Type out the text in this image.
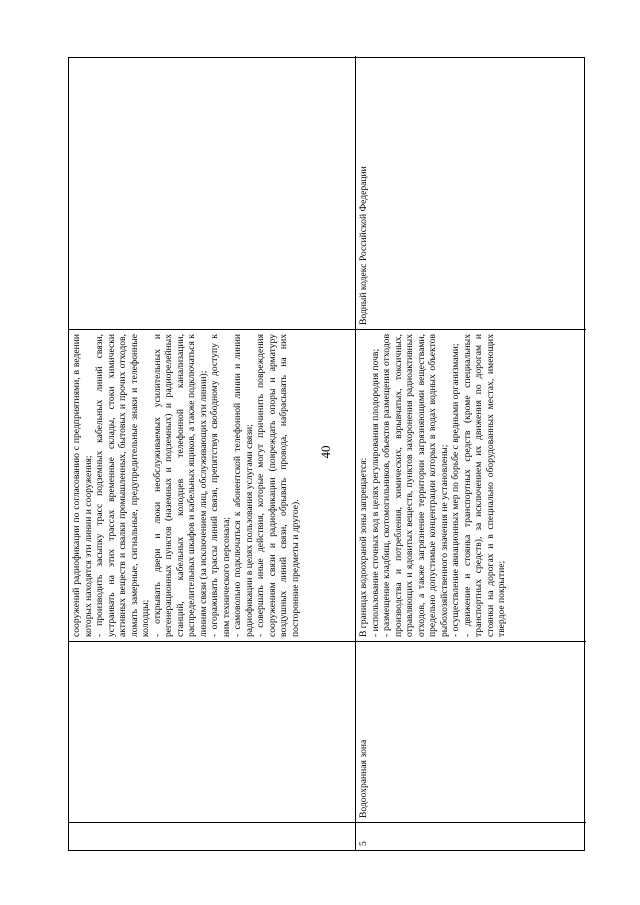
40
сооружений радиофикации по согласованию с предприятиями, в ведении которых находятся эти линии и сооружения; - производить засыпку трасс подземных кабельных линий связи, устраивать на этих трассах временные склады, стоки химически активных веществ и свалки промышленных, бытовых и прочих отходов, ломать замерные, сигнальные, предупредительные знаки и телефонные колодцы; - открывать двери и люки необслуживаемых усилительных и регенерационных пунктов (наземных и подземных) и радиорелейных станций, кабельных колодцев телефонной канализации, распределительных шкафов и кабельных ящиков, а также подключаться к линиям связи (за исключением лиц, обслуживающих эти линии); - огораживать трассы линий связи, препятствуя свободному доступу к ним технического персонала; - самовольно подключаться к абонентской телефонной линии и линии радиофикации в целях пользования услугами связи; - совершать иные действия, которые могут причинить повреждения сооружениям связи и радиофикации (повреждать опоры и арматуру воздушных линий связи, обрывать провода, набрасывать на них посторонние предметы и другое).
5
Водоохранная зона
В границах водоохраной зоны запрещается: - использование сточных вод в целях регулирования плодородия почв; - размещение кладбищ, скотомогильников, объектов размещения отходов производства и потребления, химических, взрывчатых, токсичных, отравляющих и ядовитых веществ, пунктов захоронения радиоактивных отходов, а также загрязнение территории загрязняющими веществами, предельно допустимые концентрации которых в водах водных объектов рыбохозяйственного значения не установлены; - осуществление авиационных мер по борьбе с вредными организмами; - движение и стоянка транспортных средств (кроме специальных транспортных средств), за исключением их движения по дорогам и стоянки на дорогах и в специально оборудованных местах, имеющих твердое покрытие;
Водный кодекс Российской Федерации
